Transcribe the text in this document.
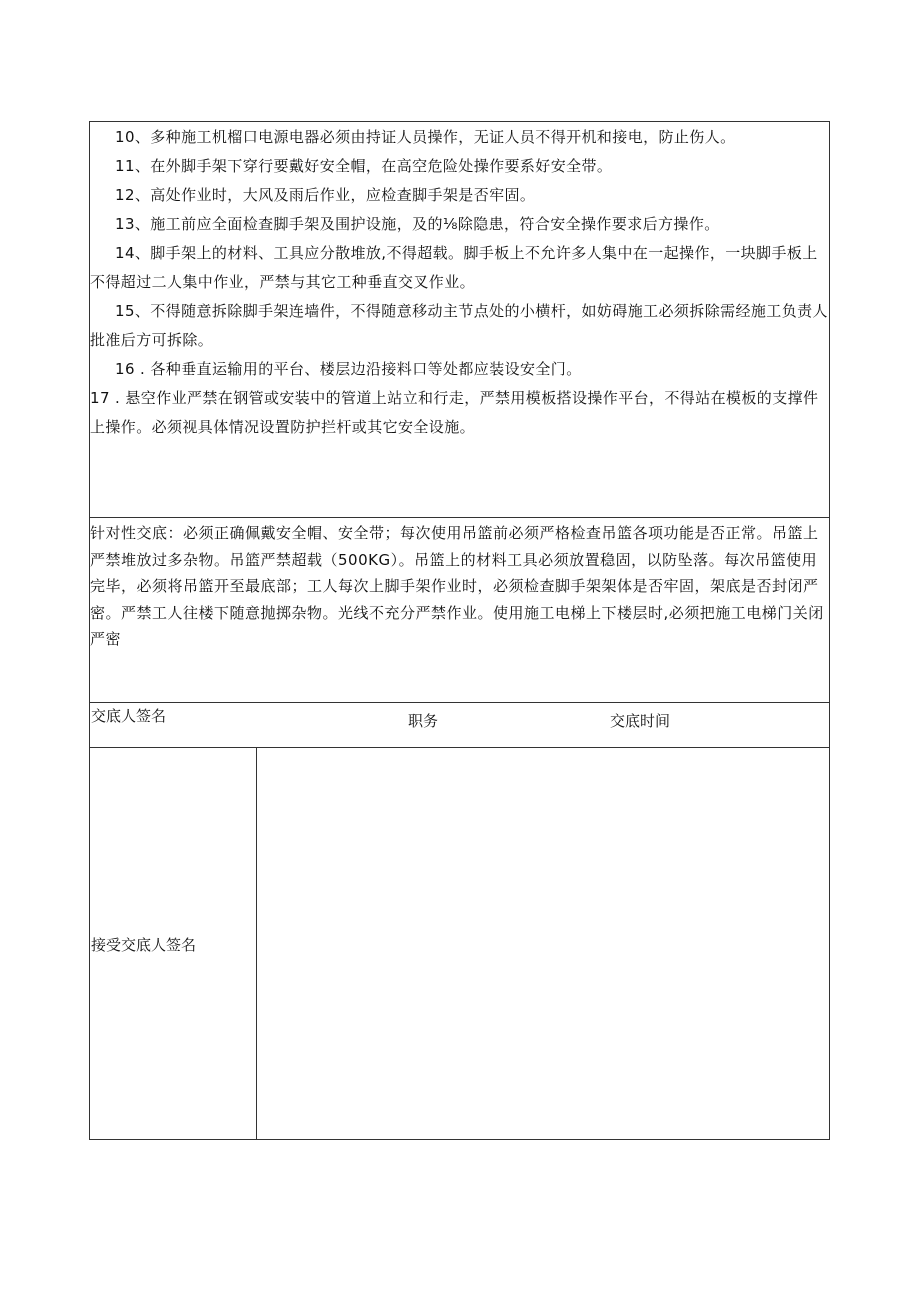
10、多种施工机榴口电源电器必须由持证人员操作，无证人员不得开机和接电，防止伤人。

11、在外脚手架下穿行要戴好安全帽，在高空危险处操作要系好安全带。

12、高处作业时，大风及雨后作业，应检查脚手架是否牢固。

13、施工前应全面检查脚手架及围护设施，及的⅛除隐患，符合安全操作要求后方操作。

14、脚手架上的材料、工具应分散堆放,不得超载。脚手板上不允许多人集中在一起操作，一块脚手板上不得超过二人集中作业，严禁与其它工种垂直交叉作业。

15、不得随意拆除脚手架连墙件，不得随意移动主节点处的小横杆，如妨碍施工必须拆除需经施工负责人批准后方可拆除。

16 . 各种垂直运输用的平台、楼层边沿接料口等处都应装设安全门。

17 . 悬空作业严禁在钢管或安装中的管道上站立和行走，严禁用模板搭设操作平台，不得站在模板的支撑件上操作。必须视具体情况设置防护拦杆或其它安全设施。

针对性交底：必须正确佩戴安全帽、安全带；每次使用吊篮前必须严格检查吊篮各项功能是否正常。吊篮上严禁堆放过多杂物。吊篮严禁超载（500KG）。吊篮上的材料工具必须放置稳固，以防坠落。每次吊篮使用完毕，必须将吊篮开至最底部；工人每次上脚手架作业时，必须检查脚手架架体是否牢固，架底是否封闭严密。严禁工人往楼下随意抛掷杂物。光线不充分严禁作业。使用施工电梯上下楼层时,必须把施工电梯门关闭严密
交底人签名	职务	交底时间
接受交底人签名
